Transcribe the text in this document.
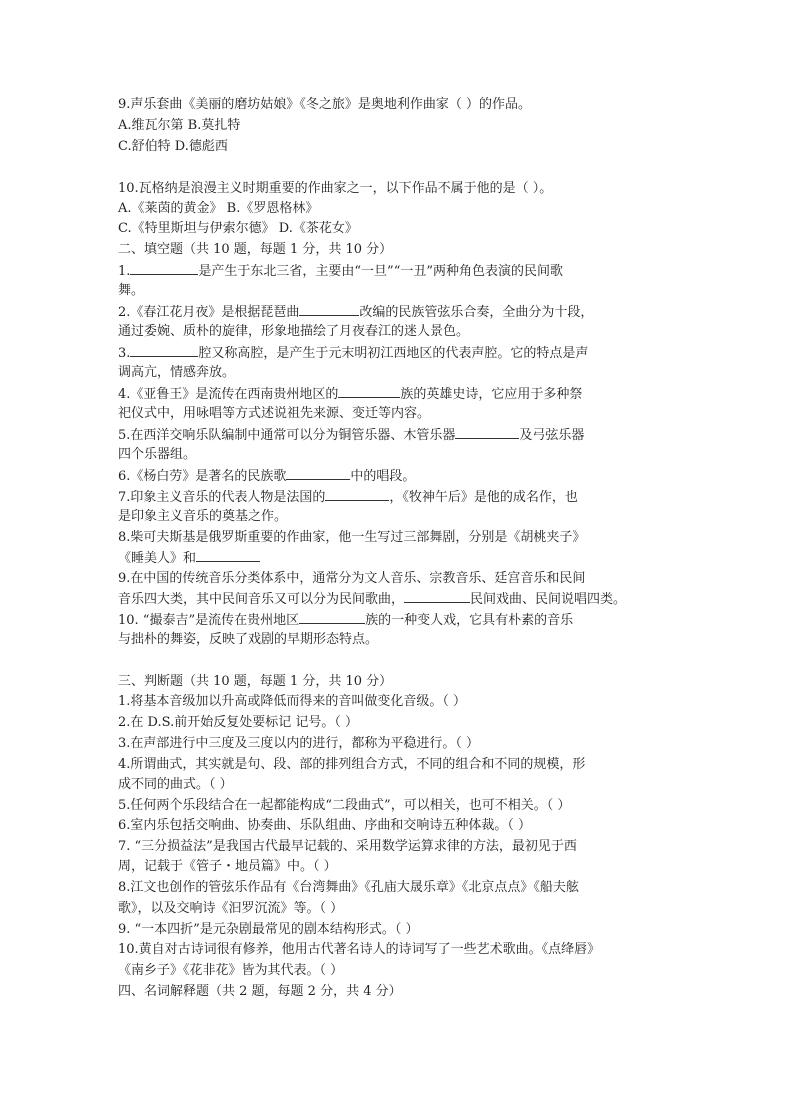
9.声乐套曲《美丽的磨坊姑娘》《冬之旅》是奥地利作曲家（ ）的作品。
A.维瓦尔第 B.莫扎特
C.舒伯特 D.德彪西
10.瓦格纳是浪漫主义时期重要的作曲家之一，以下作品不属于他的是（ ）。
A.《莱茵的黄金》 B.《罗恩格林》
C.《特里斯坦与伊索尔德》 D.《茶花女》
二、填空题（共 10 题，每题 1 分，共 10 分）
1.	是产生于东北三省，主要由“一旦”“一丑”两种角色表演的民间歌
舞。
2.《春江花月夜》是根据琵琶曲	改编的民族管弦乐合奏，全曲分为十段，
通过委婉、质朴的旋律，形象地描绘了月夜春江的迷人景色。
3.	腔又称高腔，是产生于元末明初江西地区的代表声腔。它的特点是声
调高亢，情感奔放。
4.《亚鲁王》是流传在西南贵州地区的	族的英雄史诗，它应用于多种祭
祀仪式中，用咏唱等方式述说祖先来源、变迁等内容。
5.在西洋交响乐队编制中通常可以分为铜管乐器、木管乐器	及弓弦乐器
四个乐器组。
6.《杨白劳》是著名的民族歌	中的唱段。
7.印象主义音乐的代表人物是法国的	，《牧神午后》是他的成名作，也
是印象主义音乐的奠基之作。
8.柴可夫斯基是俄罗斯重要的作曲家，他一生写过三部舞剧，分别是《胡桃夹子》
《睡美人》和
9.在中国的传统音乐分类体系中，通常分为文人音乐、宗教音乐、廷宫音乐和民间
音乐四大类，其中民间音乐又可以分为民间歌曲，	民间戏曲、民间说唱四类。
10. “撮泰吉”是流传在贵州地区	族的一种变人戏，它具有朴素的音乐
与拙朴的舞姿，反映了戏剧的早期形态特点。
三、判断题（共 10 题，每题 1 分，共 10 分）
1.将基本音级加以升高或降低而得来的音叫做变化音级。（ ）
2.在 D.S.前开始反复处要标记 记号。（ ）
3.在声部进行中三度及三度以内的进行，都称为平稳进行。（ ）
4.所谓曲式，其实就是句、段、部的排列组合方式，不同的组合和不同的规模，形
成不同的曲式。（ ）
5.任何两个乐段结合在一起都能构成“二段曲式”，可以相关，也可不相关。（ ）
6.室内乐包括交响曲、协奏曲、乐队组曲、序曲和交响诗五种体裁。（ ）
7. “三分损益法”是我国古代最早记载的、采用数学运算求律的方法，最初见于西
周，记载于《管子・地员篇》中。（ ）
8.江文也创作的管弦乐作品有《台湾舞曲》《孔庙大晟乐章》《北京点点》《船夫舷
歌》，以及交响诗《汩罗沉流》等。（ ）
9. “一本四折”是元杂剧最常见的剧本结构形式。（ ）
10.黄自对古诗词很有修养，他用古代著名诗人的诗词写了一些艺术歌曲。《点绛唇》
《南乡子》《花非花》皆为其代表。（ ）
四、名词解释题（共 2 题，每题 2 分，共 4 分）
